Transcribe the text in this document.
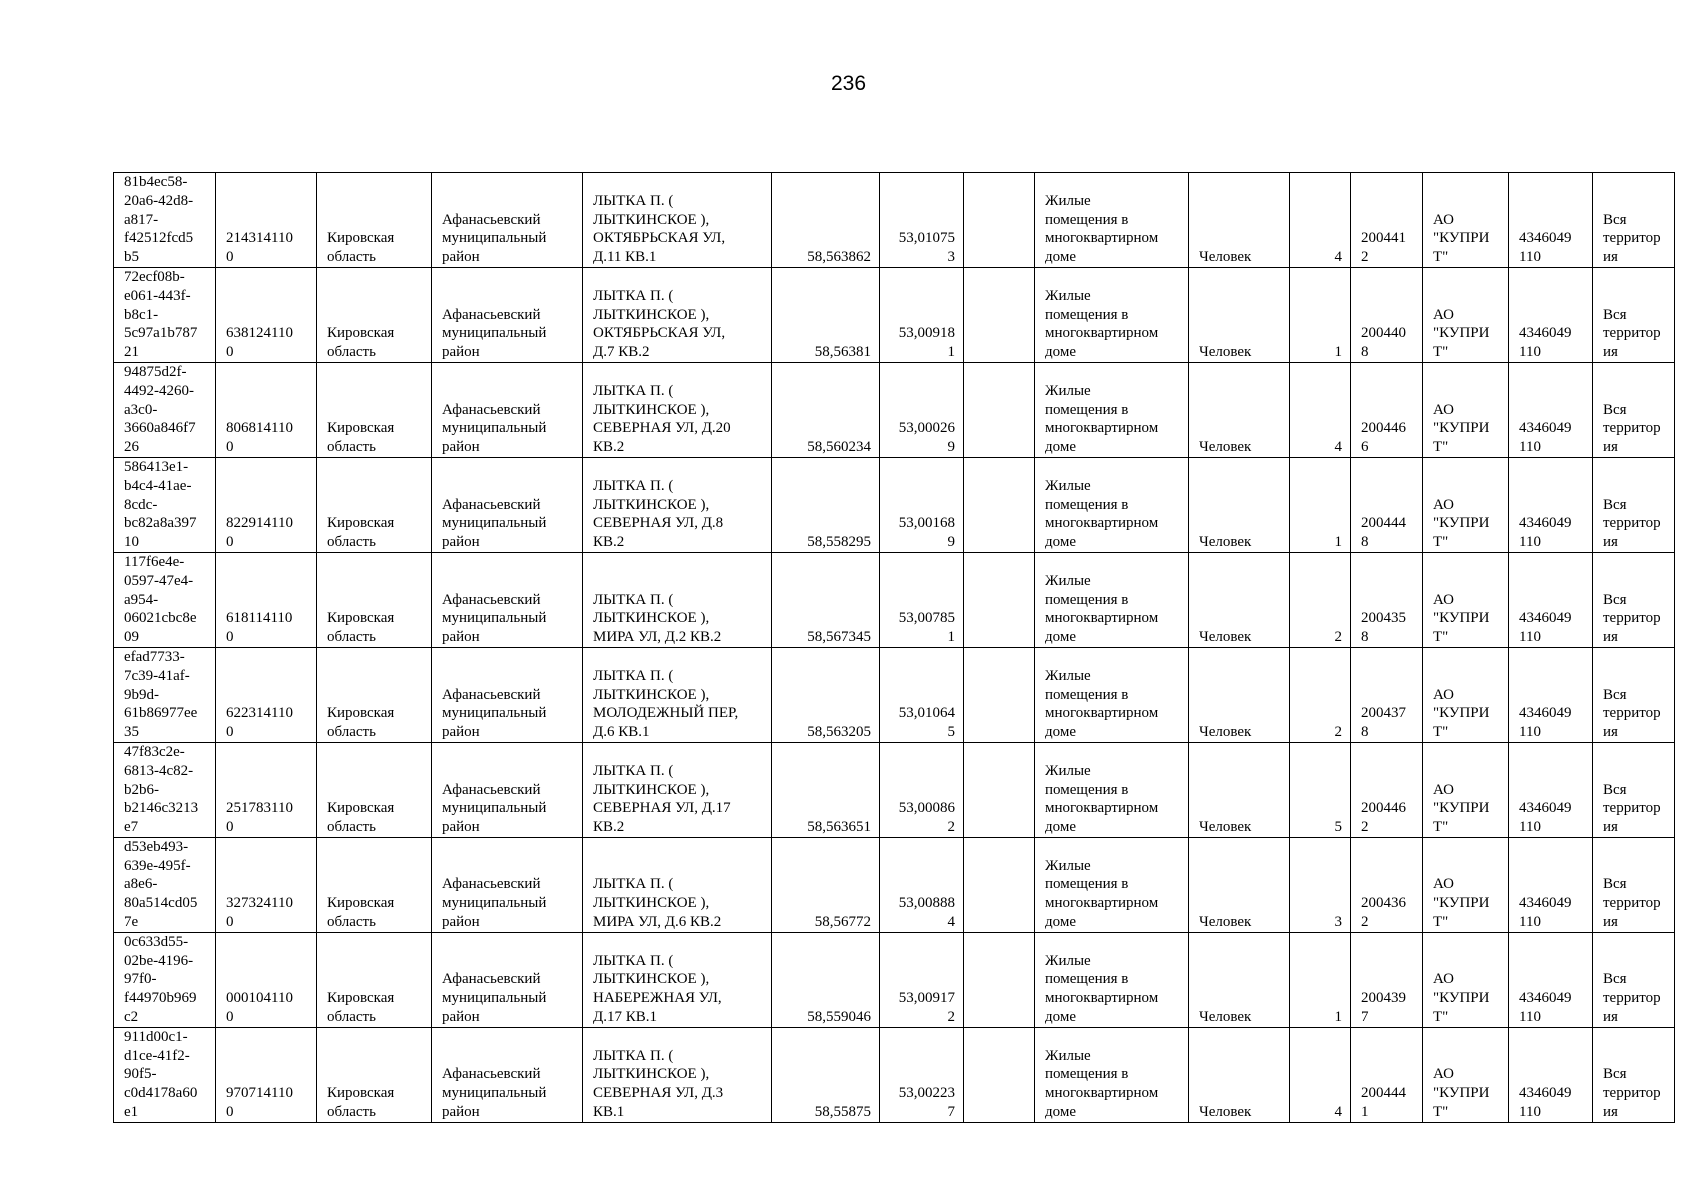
236
81b4ec58-
20a6-42d8-
a817-
f42512fcd5
b5	214314110
0	Кировская
область	Афанасьевский
муниципальный
район	ЛЫТКА П. (
ЛЫТКИНСКОЕ ),
ОКТЯБРЬСКАЯ УЛ,
Д.11 КВ.1	58,563862	53,01075
3		Жилые
помещения в
многоквартирном
доме	Человек	4	200441
2	АО
"КУПРИ
Т"	4346049
110	Вся
территор
ия
72ecf08b-
e061-443f-
b8c1-
5c97a1b787
21	638124110
0	Кировская
область	Афанасьевский
муниципальный
район	ЛЫТКА П. (
ЛЫТКИНСКОЕ ),
ОКТЯБРЬСКАЯ УЛ,
Д.7 КВ.2	58,56381	53,00918
1		Жилые
помещения в
многоквартирном
доме	Человек	1	200440
8	АО
"КУПРИ
Т"	4346049
110	Вся
территор
ия
94875d2f-
4492-4260-
a3c0-
3660a846f7
26	806814110
0	Кировская
область	Афанасьевский
муниципальный
район	ЛЫТКА П. (
ЛЫТКИНСКОЕ ),
СЕВЕРНАЯ УЛ, Д.20
КВ.2	58,560234	53,00026
9		Жилые
помещения в
многоквартирном
доме	Человек	4	200446
6	АО
"КУПРИ
Т"	4346049
110	Вся
территор
ия
586413e1-
b4c4-41ae-
8cdc-
bc82a8a397
10	822914110
0	Кировская
область	Афанасьевский
муниципальный
район	ЛЫТКА П. (
ЛЫТКИНСКОЕ ),
СЕВЕРНАЯ УЛ, Д.8
КВ.2	58,558295	53,00168
9		Жилые
помещения в
многоквартирном
доме	Человек	1	200444
8	АО
"КУПРИ
Т"	4346049
110	Вся
территор
ия
117f6e4e-
0597-47e4-
a954-
06021cbc8e
09	618114110
0	Кировская
область	Афанасьевский
муниципальный
район	ЛЫТКА П. (
ЛЫТКИНСКОЕ ),
МИРА УЛ, Д.2 КВ.2	58,567345	53,00785
1		Жилые
помещения в
многоквартирном
доме	Человек	2	200435
8	АО
"КУПРИ
Т"	4346049
110	Вся
территор
ия
efad7733-
7c39-41af-
9b9d-
61b86977ee
35	622314110
0	Кировская
область	Афанасьевский
муниципальный
район	ЛЫТКА П. (
ЛЫТКИНСКОЕ ),
МОЛОДЕЖНЫЙ ПЕР,
Д.6 КВ.1	58,563205	53,01064
5		Жилые
помещения в
многоквартирном
доме	Человек	2	200437
8	АО
"КУПРИ
Т"	4346049
110	Вся
территор
ия
47f83c2e-
6813-4c82-
b2b6-
b2146c3213
e7	251783110
0	Кировская
область	Афанасьевский
муниципальный
район	ЛЫТКА П. (
ЛЫТКИНСКОЕ ),
СЕВЕРНАЯ УЛ, Д.17
КВ.2	58,563651	53,00086
2		Жилые
помещения в
многоквартирном
доме	Человек	5	200446
2	АО
"КУПРИ
Т"	4346049
110	Вся
территор
ия
d53eb493-
639e-495f-
a8e6-
80a514cd05
7e	327324110
0	Кировская
область	Афанасьевский
муниципальный
район	ЛЫТКА П. (
ЛЫТКИНСКОЕ ),
МИРА УЛ, Д.6 КВ.2	58,56772	53,00888
4		Жилые
помещения в
многоквартирном
доме	Человек	3	200436
2	АО
"КУПРИ
Т"	4346049
110	Вся
территор
ия
0c633d55-
02be-4196-
97f0-
f44970b969
c2	000104110
0	Кировская
область	Афанасьевский
муниципальный
район	ЛЫТКА П. (
ЛЫТКИНСКОЕ ),
НАБЕРЕЖНАЯ УЛ,
Д.17 КВ.1	58,559046	53,00917
2		Жилые
помещения в
многоквартирном
доме	Человек	1	200439
7	АО
"КУПРИ
Т"	4346049
110	Вся
территор
ия
911d00c1-
d1ce-41f2-
90f5-
c0d4178a60
e1	970714110
0	Кировская
область	Афанасьевский
муниципальный
район	ЛЫТКА П. (
ЛЫТКИНСКОЕ ),
СЕВЕРНАЯ УЛ, Д.3
КВ.1	58,55875	53,00223
7		Жилые
помещения в
многоквартирном
доме	Человек	4	200444
1	АО
"КУПРИ
Т"	4346049
110	Вся
территор
ия
